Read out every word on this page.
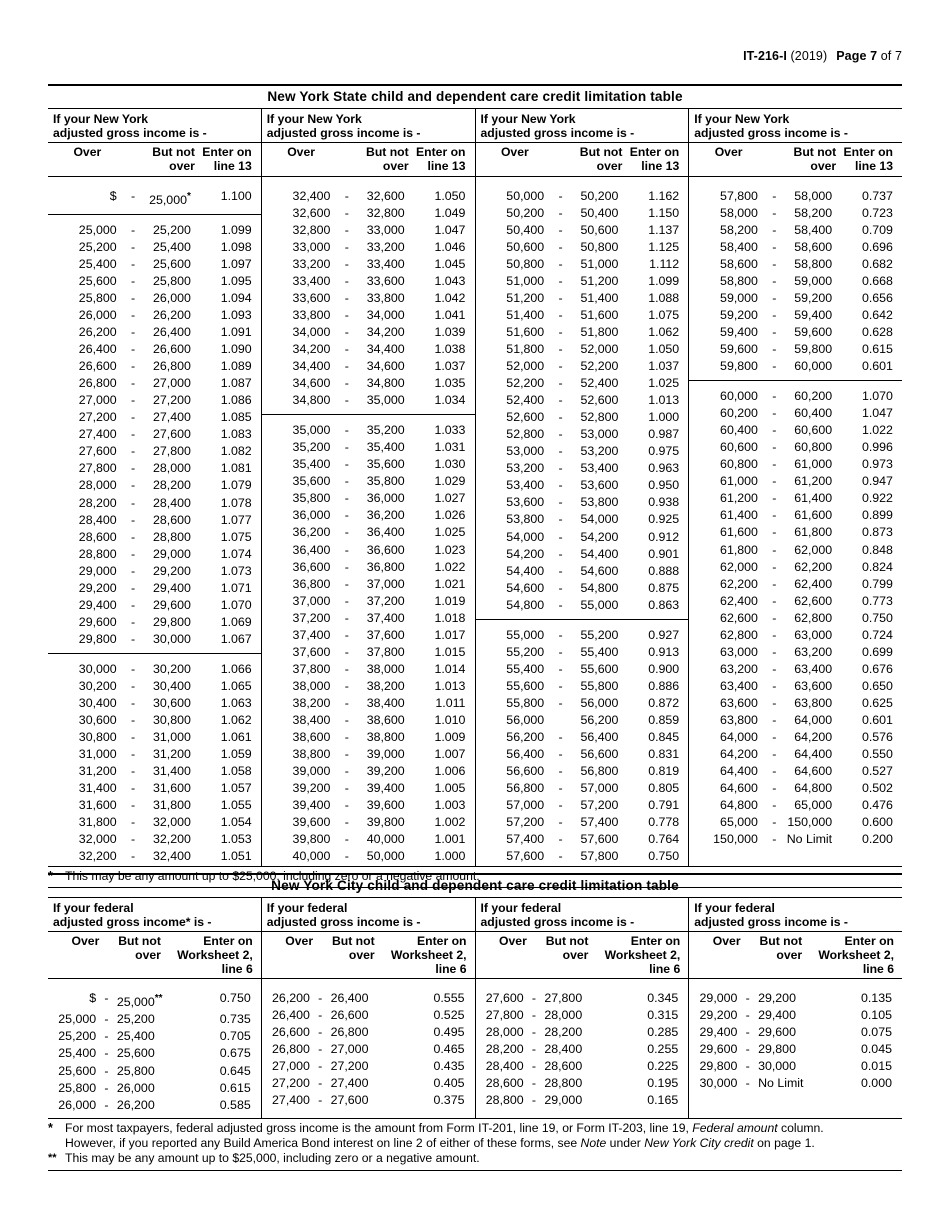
IT-216-I (2019) Page 7 of 7
New York State child and dependent care credit limitation table
If your New York
adjusted gross income is -
If your New York
adjusted gross income is -
If your New York
adjusted gross income is -
If your New York
adjusted gross income is -
Over	But not
over
Enter on
line 13
Over	But not
over
Enter on
line 13
Over	But not
over
Enter on
line 13
Over	But not
over
Enter on
line 13
$	-	25,000*	1.100
25,000	-	25,200	1.099
25,200	-	25,400	1.098
25,400	-	25,600	1.097
25,600	-	25,800	1.095
25,800	-	26,000	1.094
26,000	-	26,200	1.093
26,200	-	26,400	1.091
26,400	-	26,600	1.090
26,600	-	26,800	1.089
26,800	-	27,000	1.087
27,000	-	27,200	1.086
27,200	-	27,400	1.085
27,400	-	27,600	1.083
27,600	-	27,800	1.082
27,800	-	28,000	1.081
28,000	-	28,200	1.079
28,200	-	28,400	1.078
28,400	-	28,600	1.077
28,600	-	28,800	1.075
28,800	-	29,000	1.074
29,000	-	29,200	1.073
29,200	-	29,400	1.071
29,400	-	29,600	1.070
29,600	-	29,800	1.069
29,800	-	30,000	1.067
30,000	-	30,200	1.066
30,200	-	30,400	1.065
30,400	-	30,600	1.063
30,600	-	30,800	1.062
30,800	-	31,000	1.061
31,000	-	31,200	1.059
31,200	-	31,400	1.058
31,400	-	31,600	1.057
31,600	-	31,800	1.055
31,800	-	32,000	1.054
32,000	-	32,200	1.053
32,200	-	32,400	1.051
32,400	-	32,600	1.050
32,600	-	32,800	1.049
32,800	-	33,000	1.047
33,000	-	33,200	1.046
33,200	-	33,400	1.045
33,400	-	33,600	1.043
33,600	-	33,800	1.042
33,800	-	34,000	1.041
34,000	-	34,200	1.039
34,200	-	34,400	1.038
34,400	-	34,600	1.037
34,600	-	34,800	1.035
34,800	-	35,000	1.034
35,000	-	35,200	1.033
35,200	-	35,400	1.031
35,400	-	35,600	1.030
35,600	-	35,800	1.029
35,800	-	36,000	1.027
36,000	-	36,200	1.026
36,200	-	36,400	1.025
36,400	-	36,600	1.023
36,600	-	36,800	1.022
36,800	-	37,000	1.021
37,000	-	37,200	1.019
37,200	-	37,400	1.018
37,400	-	37,600	1.017
37,600	-	37,800	1.015
37,800	-	38,000	1.014
38,000	-	38,200	1.013
38,200	-	38,400	1.011
38,400	-	38,600	1.010
38,600	-	38,800	1.009
38,800	-	39,000	1.007
39,000	-	39,200	1.006
39,200	-	39,400	1.005
39,400	-	39,600	1.003
39,600	-	39,800	1.002
39,800	-	40,000	1.001
40,000	-	50,000	1.000
50,000	-	50,200	1.162
50,200	-	50,400	1.150
50,400	-	50,600	1.137
50,600	-	50,800	1.125
50,800	-	51,000	1.112
51,000	-	51,200	1.099
51,200	-	51,400	1.088
51,400	-	51,600	1.075
51,600	-	51,800	1.062
51,800	-	52,000	1.050
52,000	-	52,200	1.037
52,200	-	52,400	1.025
52,400	-	52,600	1.013
52,600	-	52,800	1.000
52,800	-	53,000	0.987
53,000	-	53,200	0.975
53,200	-	53,400	0.963
53,400	-	53,600	0.950
53,600	-	53,800	0.938
53,800	-	54,000	0.925
54,000	-	54,200	0.912
54,200	-	54,400	0.901
54,400	-	54,600	0.888
54,600	-	54,800	0.875
54,800	-	55,000	0.863
55,000	-	55,200	0.927
55,200	-	55,400	0.913
55,400	-	55,600	0.900
55,600	-	55,800	0.886
55,800	-	56,000	0.872
56,000	56,200	0.859
56,200	-	56,400	0.845
56,400	-	56,600	0.831
56,600	-	56,800	0.819
56,800	-	57,000	0.805
57,000	-	57,200	0.791
57,200	-	57,400	0.778
57,400	-	57,600	0.764
57,600	-	57,800	0.750
57,800	-	58,000	0.737
58,000	-	58,200	0.723
58,200	-	58,400	0.709
58,400	-	58,600	0.696
58,600	-	58,800	0.682
58,800	-	59,000	0.668
59,000	-	59,200	0.656
59,200	-	59,400	0.642
59,400	-	59,600	0.628
59,600	-	59,800	0.615
59,800	-	60,000	0.601
60,000	-	60,200	1.070
60,200	-	60,400	1.047
60,400	-	60,600	1.022
60,600	-	60,800	0.996
60,800	-	61,000	0.973
61,000	-	61,200	0.947
61,200	-	61,400	0.922
61,400	-	61,600	0.899
61,600	-	61,800	0.873
61,800	-	62,000	0.848
62,000	-	62,200	0.824
62,200	-	62,400	0.799
62,400	-	62,600	0.773
62,600	-	62,800	0.750
62,800	-	63,000	0.724
63,000	-	63,200	0.699
63,200	-	63,400	0.676
63,400	-	63,600	0.650
63,600	-	63,800	0.625
63,800	-	64,000	0.601
64,000	-	64,200	0.576
64,200	-	64,400	0.550
64,400	-	64,600	0.527
64,600	-	64,800	0.502
64,800	-	65,000	0.476
65,000	- 150,000	0.600
150,000	- No Limit	0.200
* This may be any amount up to $25,000, including zero or a negative amount.
New York City child and dependent care credit limitation table
If your federal
adjusted gross income* is -
If your federal
adjusted gross income is -
If your federal
adjusted gross income is -
If your federal
adjusted gross income is -
Over	But not
over
Enter on
Worksheet 2,
line 6
Over	But not
over
Enter on
Worksheet 2,
line 6
Over	But not
over
Enter on
Worksheet 2,
line 6
Over	But not
over
Enter on
Worksheet 2,
line 6
$ - 25,000**	0.750
25,000 - 25,200	0.735
25,200 - 25,400	0.705
25,400 - 25,600	0.675
25,600 - 25,800	0.645
25,800 - 26,000	0.615
26,000 - 26,200	0.585
26,200 - 26,400	0.555
26,400 - 26,600	0.525
26,600 - 26,800	0.495
26,800 - 27,000	0.465
27,000 - 27,200	0.435
27,200 - 27,400	0.405
27,400 - 27,600	0.375
27,600 - 27,800	0.345
27,800 - 28,000	0.315
28,000 - 28,200	0.285
28,200 - 28,400	0.255
28,400 - 28,600	0.225
28,600 - 28,800	0.195
28,800 - 29,000	0.165
29,000 - 29,200	0.135
29,200 - 29,400	0.105
29,400 - 29,600	0.075
29,600 - 29,800	0.045
29,800 - 30,000	0.015
30,000 - No Limit	0.000
* For most taxpayers, federal adjusted gross income is the amount from Form IT-201, line 19, or Form IT-203, line 19, Federal amount column.
However, if you reported any Build America Bond interest on line 2 of either of these forms, see Note under New York City credit on page 1.
** This may be any amount up to $25,000, including zero or a negative amount.
